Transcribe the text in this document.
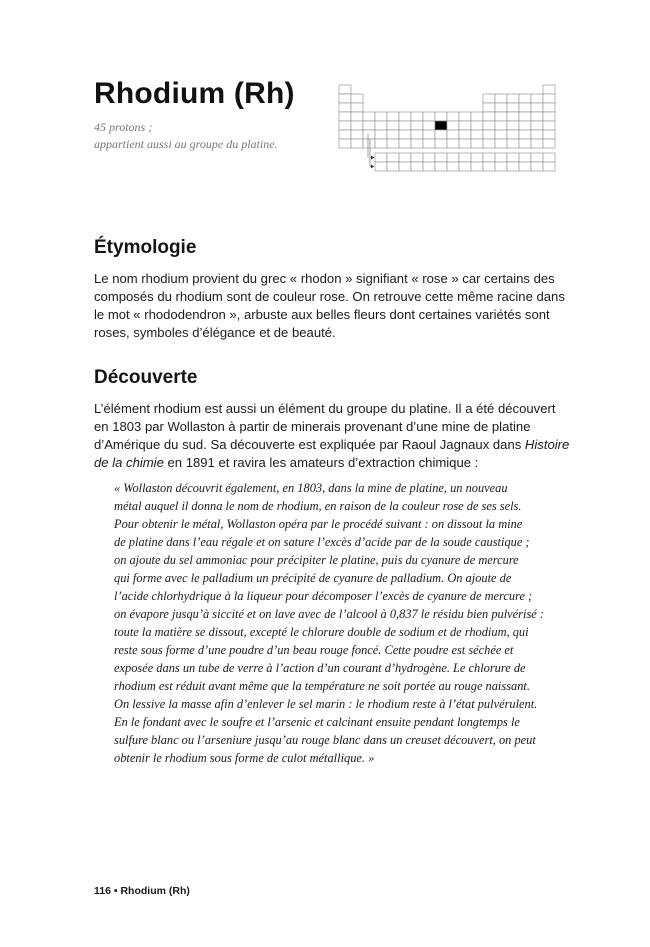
Rhodium (Rh)
45 protons ;
appartient aussi au groupe du platine.
Étymologie
Le nom rhodium provient du grec « rhodon » signifiant « rose » car certains des
composés du rhodium sont de couleur rose. On retrouve cette même racine dans
le mot « rhododendron », arbuste aux belles fleurs dont certaines variétés sont
roses, symboles d’élégance et de beauté.
Découverte
L’élément rhodium est aussi un élément du groupe du platine. Il a été découvert
en 1803 par Wollaston à partir de minerais provenant d’une mine de platine
d’Amérique du sud. Sa découverte est expliquée par Raoul Jagnaux dans Histoire
de la chimie en 1891 et ravira les amateurs d’extraction chimique :
« Wollaston découvrit également, en 1803, dans la mine de platine, un nouveau
métal auquel il donna le nom de rhodium, en raison de la couleur rose de ses sels.
Pour obtenir le métal, Wollaston opéra par le procédé suivant : on dissout la mine
de platine dans l’eau régale et on sature l’excès d’acide par de la soude caustique ;
on ajoute du sel ammoniac pour précipiter le platine, puis du cyanure de mercure
qui forme avec le palladium un précipité de cyanure de palladium. On ajoute de
l’acide chlorhydrique à la liqueur pour décomposer l’excès de cyanure de mercure ;
on évapore jusqu’à siccité et on lave avec de l’alcool à 0,837 le résidu bien pulvérisé :
toute la matière se dissout, excepté le chlorure double de sodium et de rhodium, qui
reste sous forme d’une poudre d’un beau rouge foncé. Cette poudre est séchée et
exposée dans un tube de verre à l’action d’un courant d’hydrogène. Le chlorure de
rhodium est réduit avant même que la température ne soit portée au rouge naissant.
On lessive la masse afin d’enlever le sel marin : le rhodium reste à l’état pulvérulent.
En le fondant avec le soufre et l’arsenic et calcinant ensuite pendant longtemps le
sulfure blanc ou l’arseniure jusqu’au rouge blanc dans un creuset découvert, on peut
obtenir le rhodium sous forme de culot métallique. »
116 • Rhodium (Rh)
